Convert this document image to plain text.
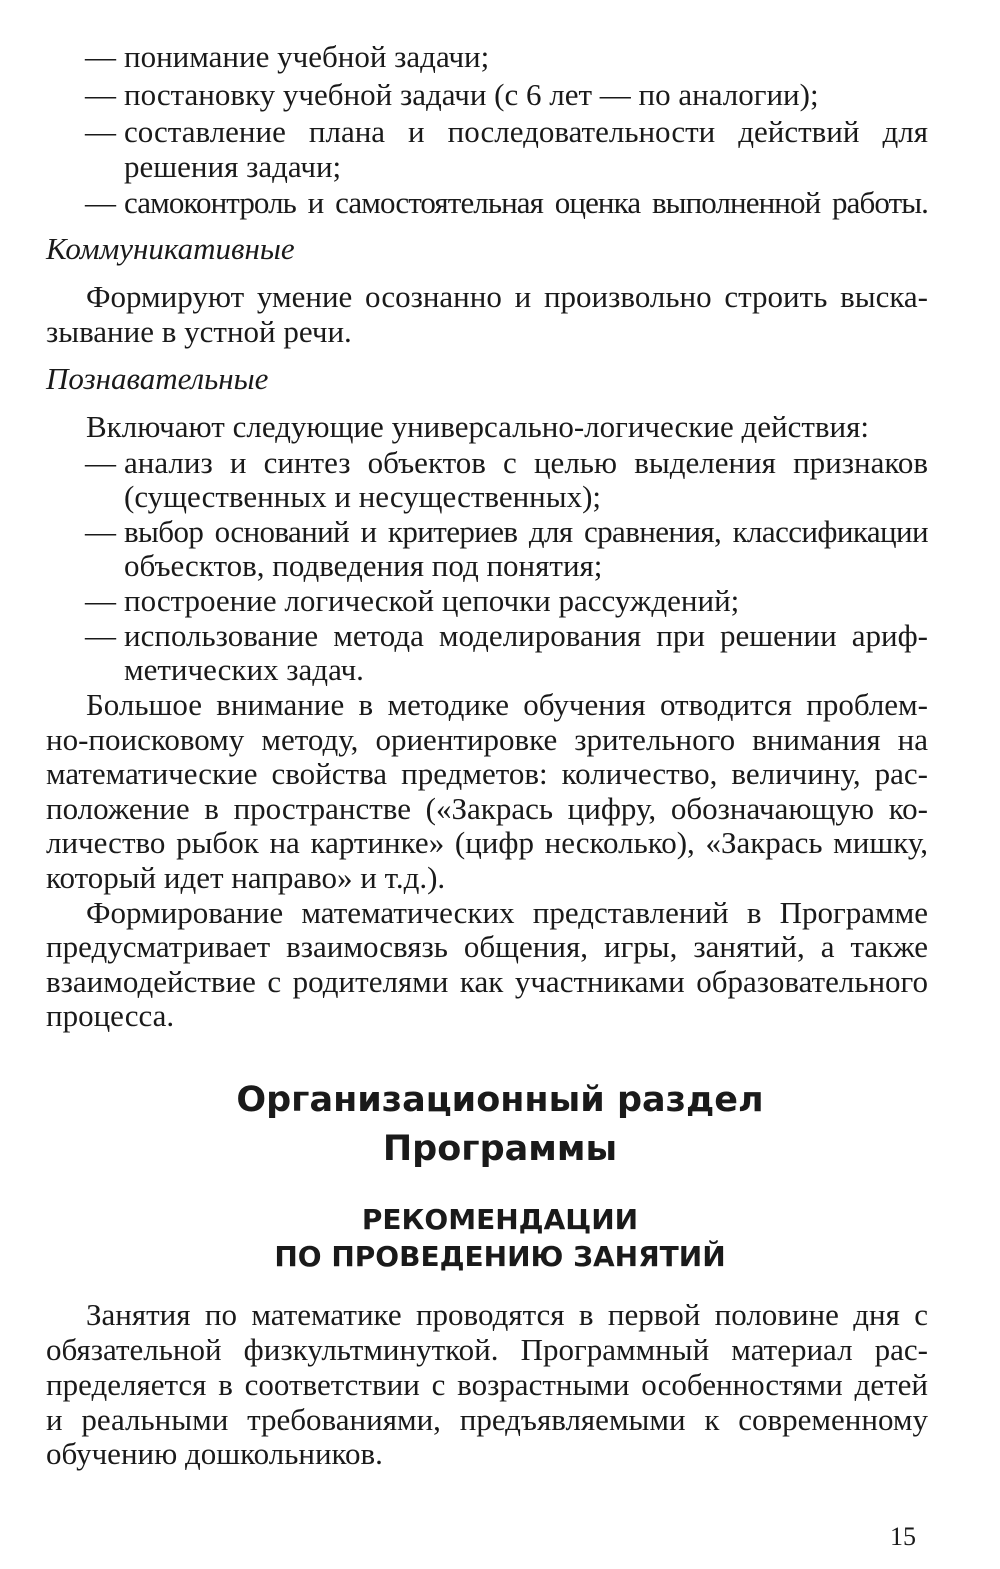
— понимание учебной задачи;
— постановку учебной задачи (с 6 лет — по аналогии);
— составление плана и последовательности действий для
решения задачи;
— самоконтроль и самостоятельная оценка выполненной работы.
Коммуникативные
Формируют умение осознанно и произвольно строить выска-
зывание в устной речи.
Познавательные
Включают следующие универсально-логические действия:
— анализ и синтез объектов с целью выделения признаков
(существенных и несущественных);
— выбор оснований и критериев для сравнения, классификации
объесктов, подведения под понятия;
— построение логической цепочки рассуждений;
— использование метода моделирования при решении ариф-
метических задач.
Большое внимание в методике обучения отводится проблем-
но-поисковому методу, ориентировке зрительного внимания на
математические свойства предметов: количество, величину, рас-
положение в пространстве («Закрась цифру, обозначающую ко-
личество рыбок на картинке» (цифр несколько), «Закрась мишку,
который идет направо» и т.д.).
Формирование математических представлений в Программе
предусматривает взаимосвязь общения, игры, занятий, а также
взаимодействие с родителями как участниками образовательного
процесса.
Организационный раздел
Программы
РЕКОМЕНДАЦИИ
ПО ПРОВЕДЕНИЮ ЗАНЯТИЙ
Занятия по математике проводятся в первой половине дня с
обязательной физкультминуткой. Программный материал рас-
пределяется в соответствии с возрастными особенностями детей
и реальными требованиями, предъявляемыми к современному
обучению дошкольников.
15
